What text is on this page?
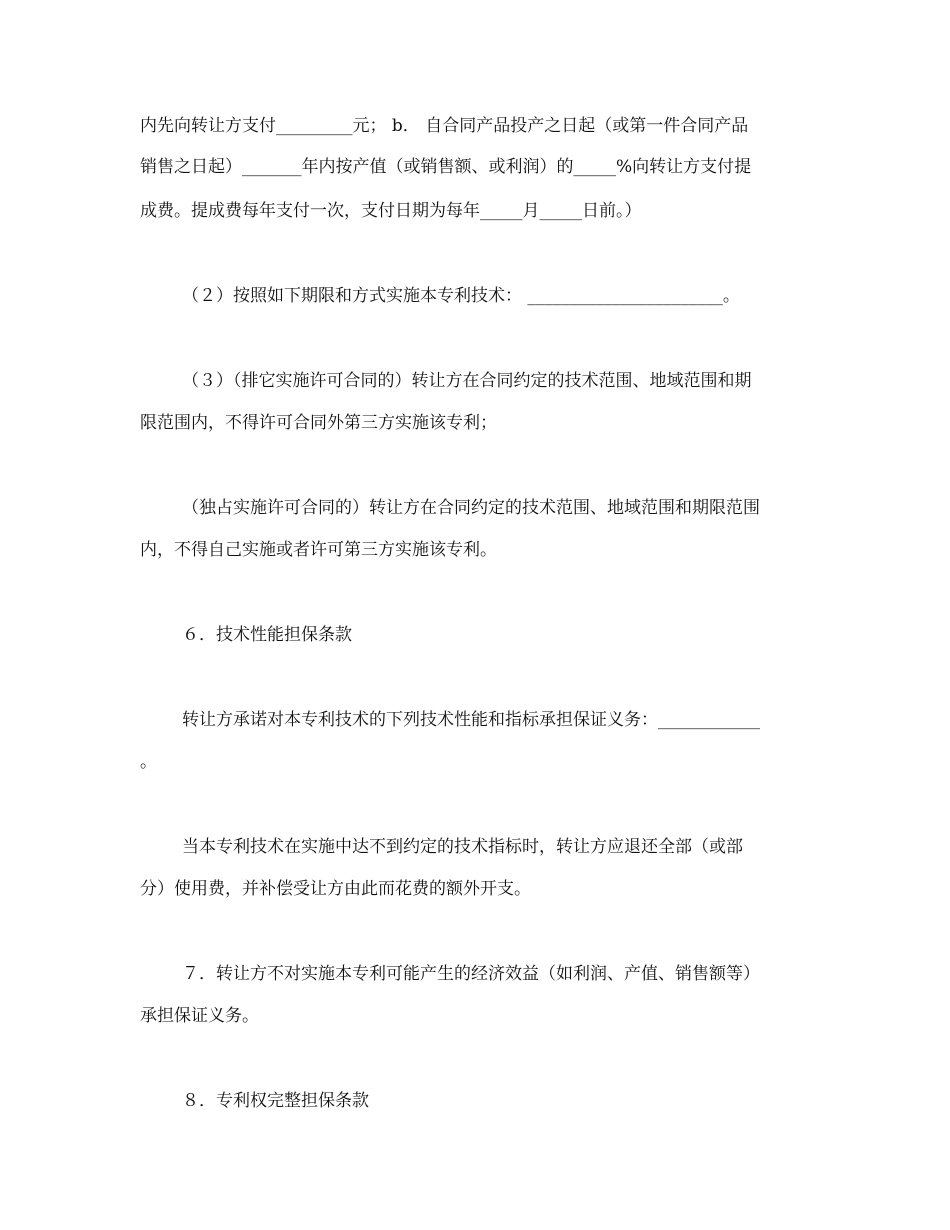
内先向转让方支付_________元； b． 自合同产品投产之日起（或第一件合同产品
销售之日起）_______年内按产值（或销售额、或利润）的_____%向转让方支付提
成费。提成费每年支付一次，支付日期为每年_____月_____日前。）
（２）按照如下期限和方式实施本专利技术： _______________________。
（３）（排它实施许可合同的）转让方在合同约定的技术范围、地域范围和期
限范围内，不得许可合同外第三方实施该专利；
（独占实施许可合同的）转让方在合同约定的技术范围、地域范围和期限范围
内，不得自己实施或者许可第三方实施该专利。
６．技术性能担保条款
转让方承诺对本专利技术的下列技术性能和指标承担保证义务：____________
。
当本专利技术在实施中达不到约定的技术指标时，转让方应退还全部（或部
分）使用费，并补偿受让方由此而花费的额外开支。
７．转让方不对实施本专利可能产生的经济效益（如利润、产值、销售额等）
承担保证义务。
８．专利权完整担保条款
